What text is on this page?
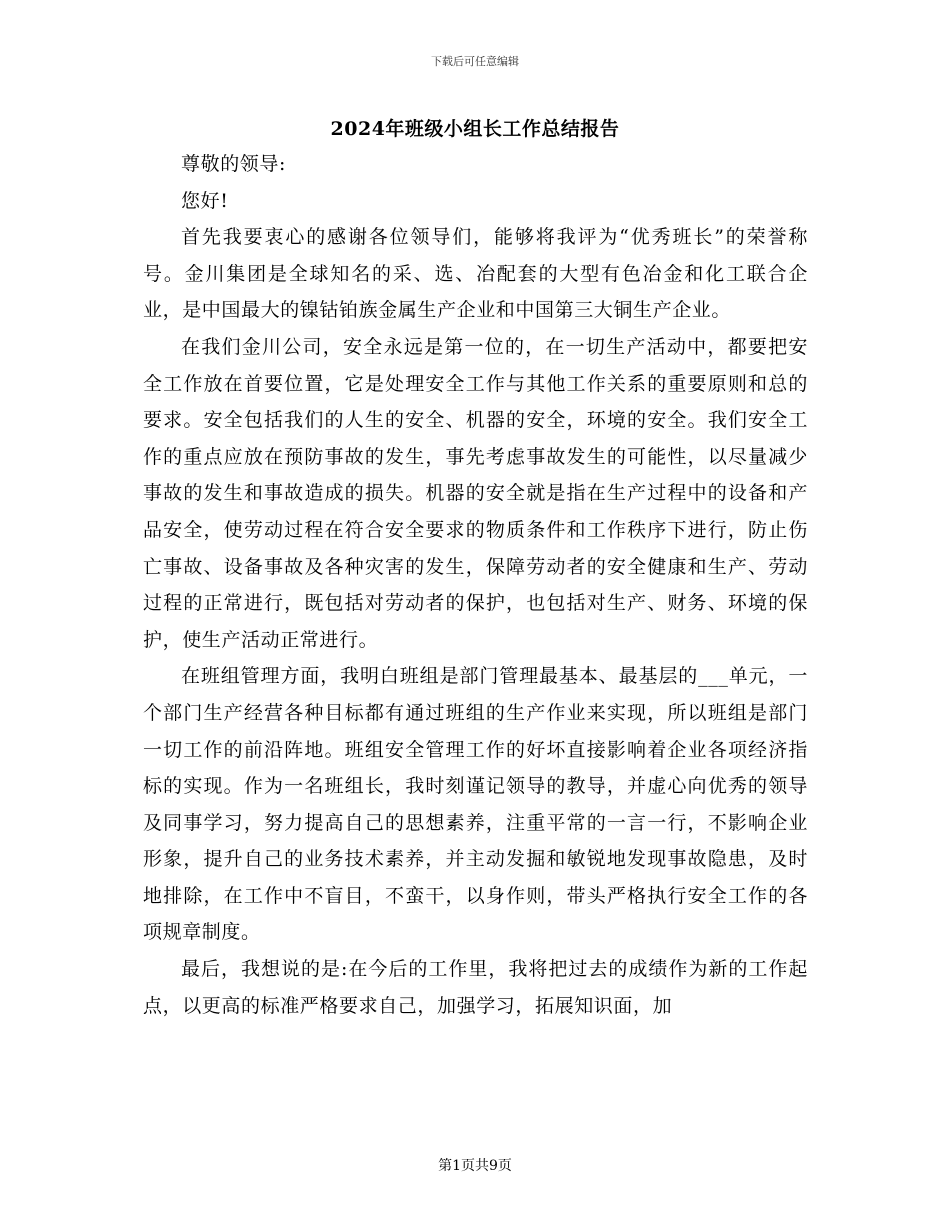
下载后可任意编辑

2024年班级小组长工作总结报告

尊敬的领导:

您好!

首先我要衷心的感谢各位领导们，能够将我评为“优秀班长”的荣誉称号。金川集团是全球知名的采、选、冶配套的大型有色冶金和化工联合企业，是中国最大的镍钴铂族金属生产企业和中国第三大铜生产企业。

在我们金川公司，安全永远是第一位的，在一切生产活动中，都要把安全工作放在首要位置，它是处理安全工作与其他工作关系的重要原则和总的要求。安全包括我们的人生的安全、机器的安全，环境的安全。我们安全工作的重点应放在预防事故的发生，事先考虑事故发生的可能性，以尽量减少事故的发生和事故造成的损失。机器的安全就是指在生产过程中的设备和产品安全，使劳动过程在符合安全要求的物质条件和工作秩序下进行，防止伤亡事故、设备事故及各种灾害的发生，保障劳动者的安全健康和生产、劳动过程的正常进行，既包括对劳动者的保护，也包括对生产、财务、环境的保护，使生产活动正常进行。

在班组管理方面，我明白班组是部门管理最基本、最基层的___单元，一个部门生产经营各种目标都有通过班组的生产作业来实现，所以班组是部门一切工作的前沿阵地。班组安全管理工作的好坏直接影响着企业各项经济指标的实现。作为一名班组长，我时刻谨记领导的教导，并虚心向优秀的领导及同事学习，努力提高自己的思想素养，注重平常的一言一行，不影响企业形象，提升自己的业务技术素养，并主动发掘和敏锐地发现事故隐患，及时地排除，在工作中不盲目，不蛮干，以身作则，带头严格执行安全工作的各项规章制度。

最后，我想说的是:在今后的工作里，我将把过去的成绩作为新的工作起点，以更高的标准严格要求自己，加强学习，拓展知识面，加

第1页共9页
